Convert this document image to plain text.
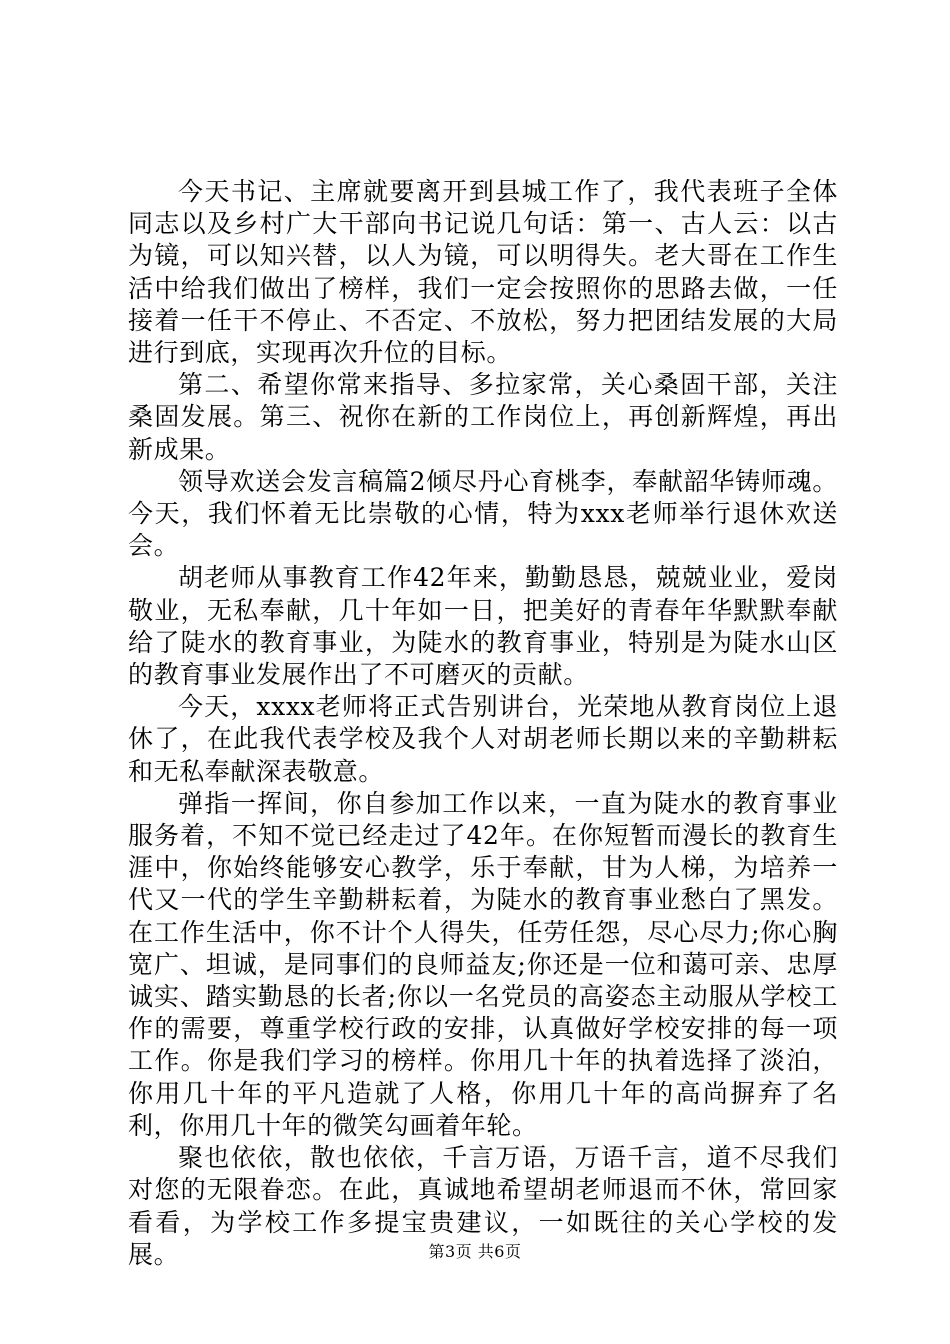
今天书记、主席就要离开到县城工作了，我代表班子全体同志以及乡村广大干部向书记说几句话：第一、古人云：以古为镜，可以知兴替，以人为镜，可以明得失。老大哥在工作生活中给我们做出了榜样，我们一定会按照你的思路去做，一任接着一任干不停止、不否定、不放松，努力把团结发展的大局进行到底，实现再次升位的目标。

第二、希望你常来指导、多拉家常，关心桑固干部，关注桑固发展。第三、祝你在新的工作岗位上，再创新辉煌，再出新成果。

领导欢送会发言稿篇2倾尽丹心育桃李，奉献韶华铸师魂。今天，我们怀着无比崇敬的心情，特为xxx老师举行退休欢送会。

胡老师从事教育工作42年来，勤勤恳恳，兢兢业业，爱岗敬业，无私奉献，几十年如一日，把美好的青春年华默默奉献给了陡水的教育事业，为陡水的教育事业，特别是为陡水山区的教育事业发展作出了不可磨灭的贡献。

今天，xxxx老师将正式告别讲台，光荣地从教育岗位上退休了，在此我代表学校及我个人对胡老师长期以来的辛勤耕耘和无私奉献深表敬意。

弹指一挥间，你自参加工作以来，一直为陡水的教育事业服务着，不知不觉已经走过了42年。在你短暂而漫长的教育生涯中，你始终能够安心教学，乐于奉献，甘为人梯，为培养一代又一代的学生辛勤耕耘着，为陡水的教育事业愁白了黑发。在工作生活中，你不计个人得失，任劳任怨，尽心尽力;你心胸宽广、坦诚，是同事们的良师益友;你还是一位和蔼可亲、忠厚诚实、踏实勤恳的长者;你以一名党员的高姿态主动服从学校工作的需要，尊重学校行政的安排，认真做好学校安排的每一项工作。你是我们学习的榜样。你用几十年的执着选择了淡泊，你用几十年的平凡造就了人格，你用几十年的高尚摒弃了名利，你用几十年的微笑勾画着年轮。

聚也依依，散也依依，千言万语，万语千言，道不尽我们对您的无限眷恋。在此，真诚地希望胡老师退而不休，常回家看看，为学校工作多提宝贵建议，一如既往的关心学校的发展。	第3页 共6页
